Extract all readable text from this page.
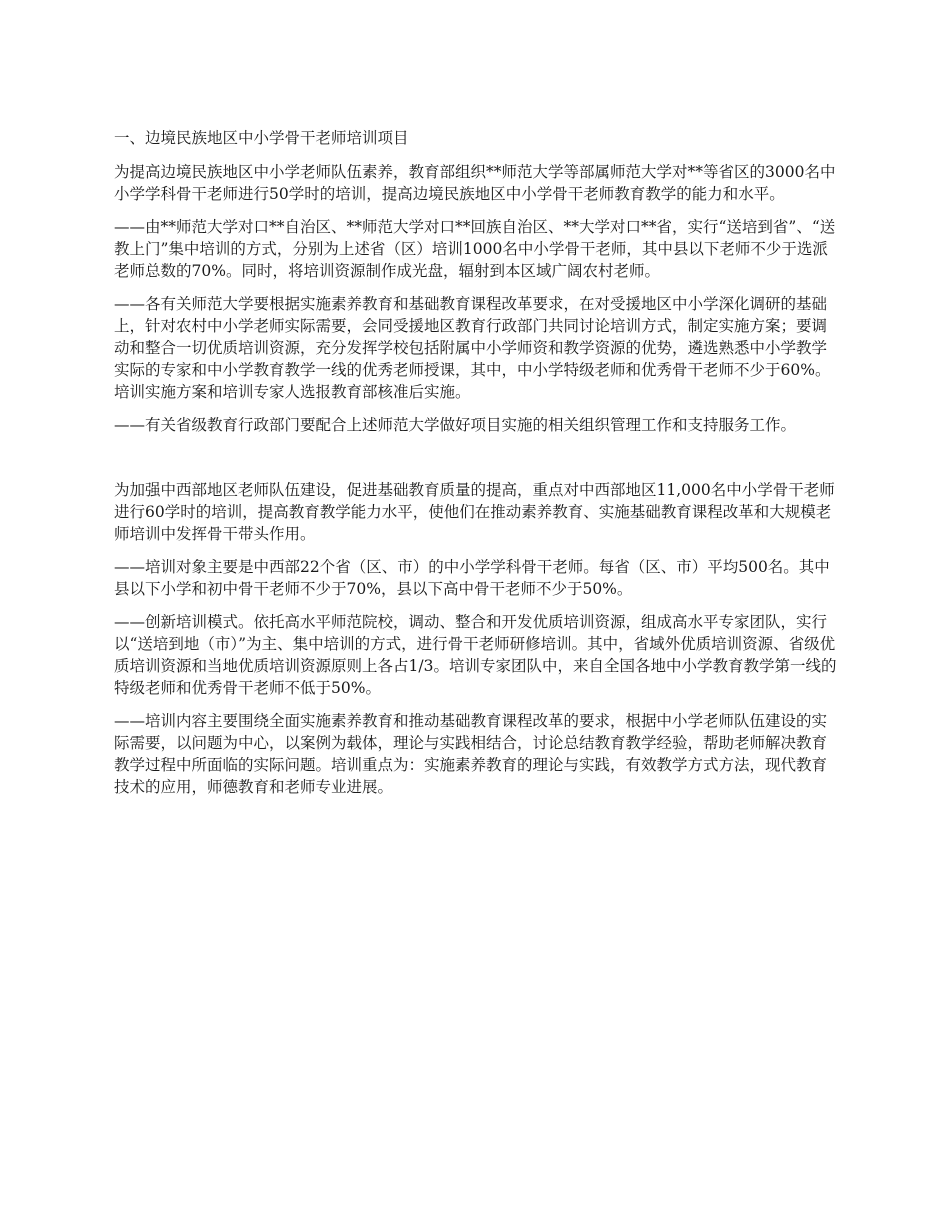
一、边境民族地区中小学骨干老师培训项目

为提高边境民族地区中小学老师队伍素养，教育部组织**师范大学等部属师范大学对**等省区的3000名中小学学科骨干老师进行50学时的培训，提高边境民族地区中小学骨干老师教育教学的能力和水平。

——由**师范大学对口**自治区、**师范大学对口**回族自治区、**大学对口**省，实行“送培到省”、“送教上门”集中培训的方式，分别为上述省（区）培训1000名中小学骨干老师，其中县以下老师不少于选派老师总数的70%。同时，将培训资源制作成光盘，辐射到本区域广阔农村老师。

——各有关师范大学要根据实施素养教育和基础教育课程改革要求，在对受援地区中小学深化调研的基础上，针对农村中小学老师实际需要，会同受援地区教育行政部门共同讨论培训方式，制定实施方案；要调动和整合一切优质培训资源，充分发挥学校包括附属中小学师资和教学资源的优势，遴选熟悉中小学教学实际的专家和中小学教育教学一线的优秀老师授课，其中，中小学特级老师和优秀骨干老师不少于60%。培训实施方案和培训专家人选报教育部核准后实施。

——有关省级教育行政部门要配合上述师范大学做好项目实施的相关组织管理工作和支持服务工作。

为加强中西部地区老师队伍建设，促进基础教育质量的提高，重点对中西部地区11,000名中小学骨干老师进行60学时的培训，提高教育教学能力水平，使他们在推动素养教育、实施基础教育课程改革和大规模老师培训中发挥骨干带头作用。

——培训对象主要是中西部22个省（区、市）的中小学学科骨干老师。每省（区、市）平均500名。其中县以下小学和初中骨干老师不少于70%，县以下高中骨干老师不少于50%。

——创新培训模式。依托高水平师范院校，调动、整合和开发优质培训资源，组成高水平专家团队，实行以“送培到地（市）”为主、集中培训的方式，进行骨干老师研修培训。其中，省域外优质培训资源、省级优质培训资源和当地优质培训资源原则上各占1/3。培训专家团队中，来自全国各地中小学教育教学第一线的特级老师和优秀骨干老师不低于50%。

——培训内容主要围绕全面实施素养教育和推动基础教育课程改革的要求，根据中小学老师队伍建设的实际需要，以问题为中心，以案例为载体，理论与实践相结合，讨论总结教育教学经验，帮助老师解决教育教学过程中所面临的实际问题。培训重点为：实施素养教育的理论与实践，有效教学方式方法，现代教育技术的应用，师德教育和老师专业进展。
